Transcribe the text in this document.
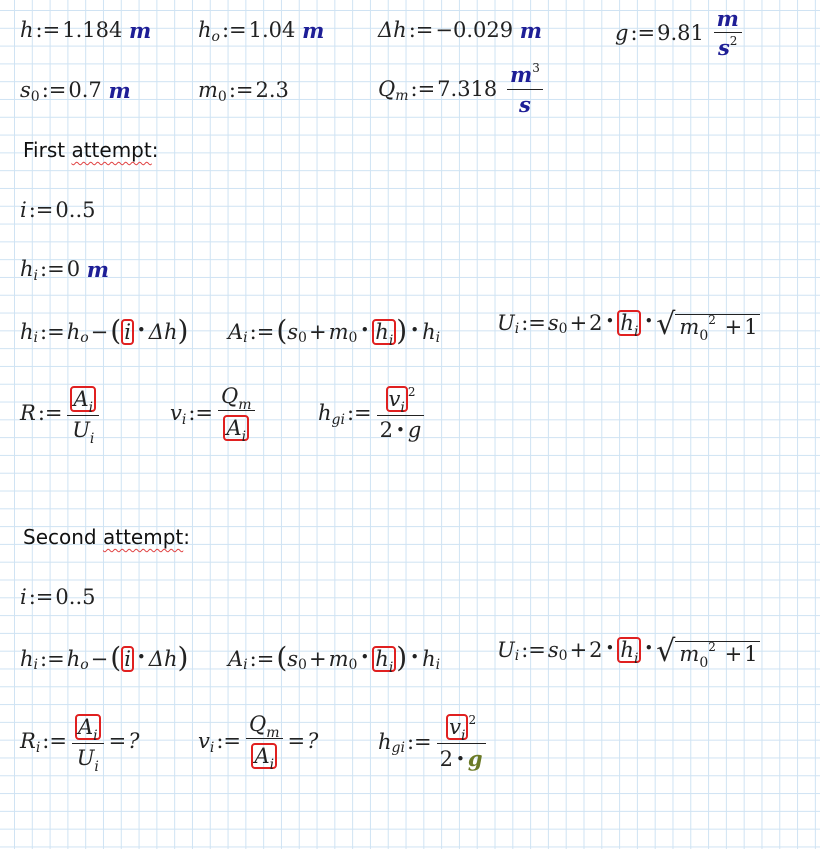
h := 1.184
m h o := 1.04
m	Δh := −0.029
m	g := 9.81
$\frac{m}{s^2}$
s 0 := 0.7
m	m 0 := 2.3	Q m := 7.318
$\frac{m^3}{s}$
First attempt:
i := 0 .. 5
h i := 0
m
h i := h o − ( i • Δh ) A i := ( s 0 + m 0 • $h_i$ ) • h i
U i := s 0 + 2 • $h_i$
• √ $m_0^2 +1$
R := $\frac{A_i}{U_i}$	v i := $\frac{Q_m}{A_i}$	h gi := $\frac{v_i^2}{2 • g}$
Second attempt:
i := 0 .. 5
h i := h o − ( i • Δh ) A i := ( s 0 + m 0 • $h_i$ ) • h i
U i := s 0 + 2 • $h_i$
• √ $m_0^2 +1$
R i := $\frac{A_i}{U_i}$ = ?	v i := $\frac{Q_m}{A_i}$ = ?	h gi := $\frac{v_i^2}{2 • g}$
